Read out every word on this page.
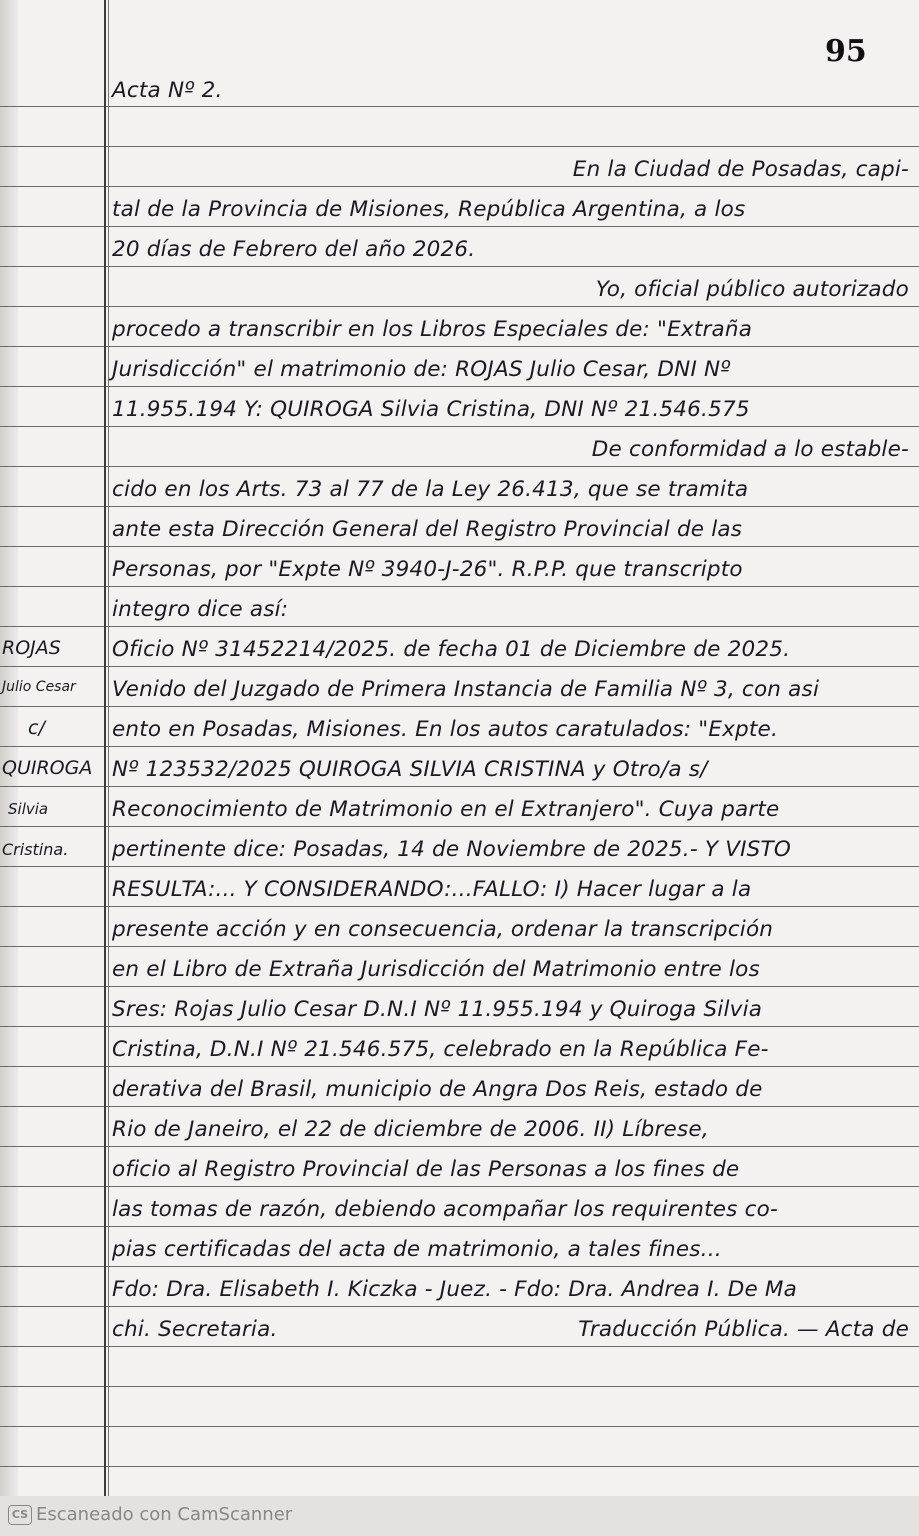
95
Acta Nº 2.
En la Ciudad de Posadas, capi-
tal de la Provincia de Misiones, República Argentina, a los
20 días de Febrero del año 2026.
Yo, oficial público autorizado
procedo a transcribir en los Libros Especiales de: "Extraña
Jurisdicción" el matrimonio de: ROJAS Julio Cesar, DNI Nº
11.955.194 Y: QUIROGA Silvia Cristina, DNI Nº 21.546.575
De conformidad a lo estable-
cido en los Arts. 73 al 77 de la Ley 26.413, que se tramita
ante esta Dirección General del Registro Provincial de las
Personas, por "Expte Nº 3940-J-26". R.P.P. que transcripto
integro dice así:
Oficio Nº 31452214/2025. de fecha 01 de Diciembre de 2025.
Venido del Juzgado de Primera Instancia de Familia Nº 3, con asi
ento en Posadas, Misiones. En los autos caratulados: "Expte.
Nº 123532/2025 QUIROGA SILVIA CRISTINA y Otro/a s/
Reconocimiento de Matrimonio en el Extranjero". Cuya parte
pertinente dice: Posadas, 14 de Noviembre de 2025.- Y VISTO
RESULTA:... Y CONSIDERANDO:...FALLO: I) Hacer lugar a la
presente acción y en consecuencia, ordenar la transcripción
en el Libro de Extraña Jurisdicción del Matrimonio entre los
Sres: Rojas Julio Cesar D.N.I Nº 11.955.194 y Quiroga Silvia
Cristina, D.N.I Nº 21.546.575, celebrado en la República Fe-
derativa del Brasil, municipio de Angra Dos Reis, estado de
Rio de Janeiro, el 22 de diciembre de 2006. II) Líbrese,
oficio al Registro Provincial de las Personas a los fines de
las tomas de razón, debiendo acompañar los requirentes co-
pias certificadas del acta de matrimonio, a tales fines...
Fdo: Dra. Elisabeth I. Kiczka - Juez. - Fdo: Dra. Andrea I. De Ma
chi. Secretaria.	Traducción Pública. — Acta de
ROJAS
Julio Cesar
c/
QUIROGA
Silvia
Cristina.
CS Escaneado con CamScanner
